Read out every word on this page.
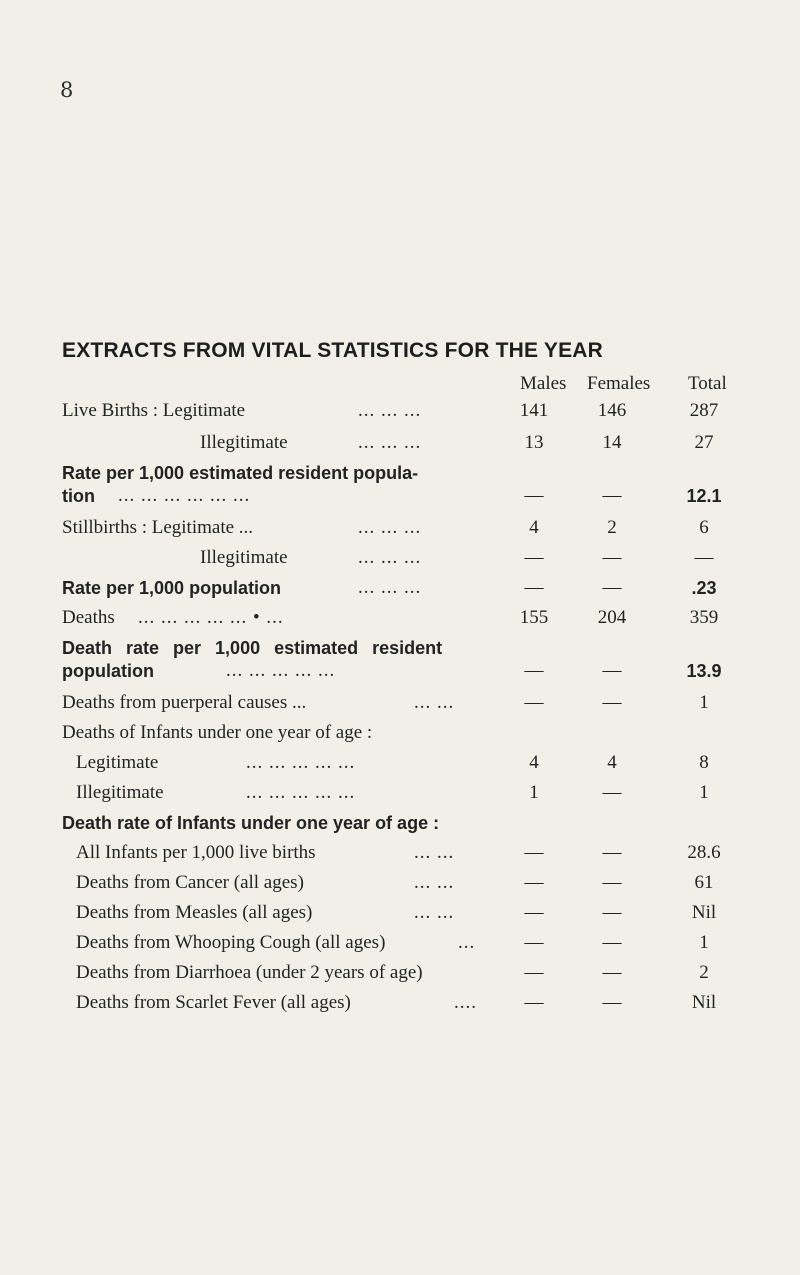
8
EXTRACTS FROM VITAL STATISTICS FOR THE YEAR
Males Females Total
Live Births : Legitimate	... ... ...	141	146	287
Illegitimate	... ... ...	13	14	27
Rate per 1,000 estimated resident popula-
tion ... ... ... ... ... ...	—	—	12.1
Stillbirths : Legitimate ...	... ... ...	4	2	6
Illegitimate	... ... ...	—	—	—
Rate per 1,000 population	... ... ...	—	—	.23
Deaths ... ... ... ... ... • ...	155	204	359
Death rate per 1,000 estimated resident
population	... ... ... ... ...	—	—	13.9
Deaths from puerperal causes ...	... ...	—	—	1
Deaths of Infants under one year of age :
Legitimate	... ... ... ... ...	4	4	8
Illegitimate	... ... ... ... ...	1	—	1
Death rate of Infants under one year of age :
All Infants per 1,000 live births	... ...	—	—	28.6
Deaths from Cancer (all ages)	... ...	—	—	61
Deaths from Measles (all ages)	... ...	—	—	Nil
Deaths from Whooping Cough (all ages)	...	—	—	1
Deaths from Diarrhoea (under 2 years of age)	—	—	2
Deaths from Scarlet Fever (all ages)	....	—	—	Nil
